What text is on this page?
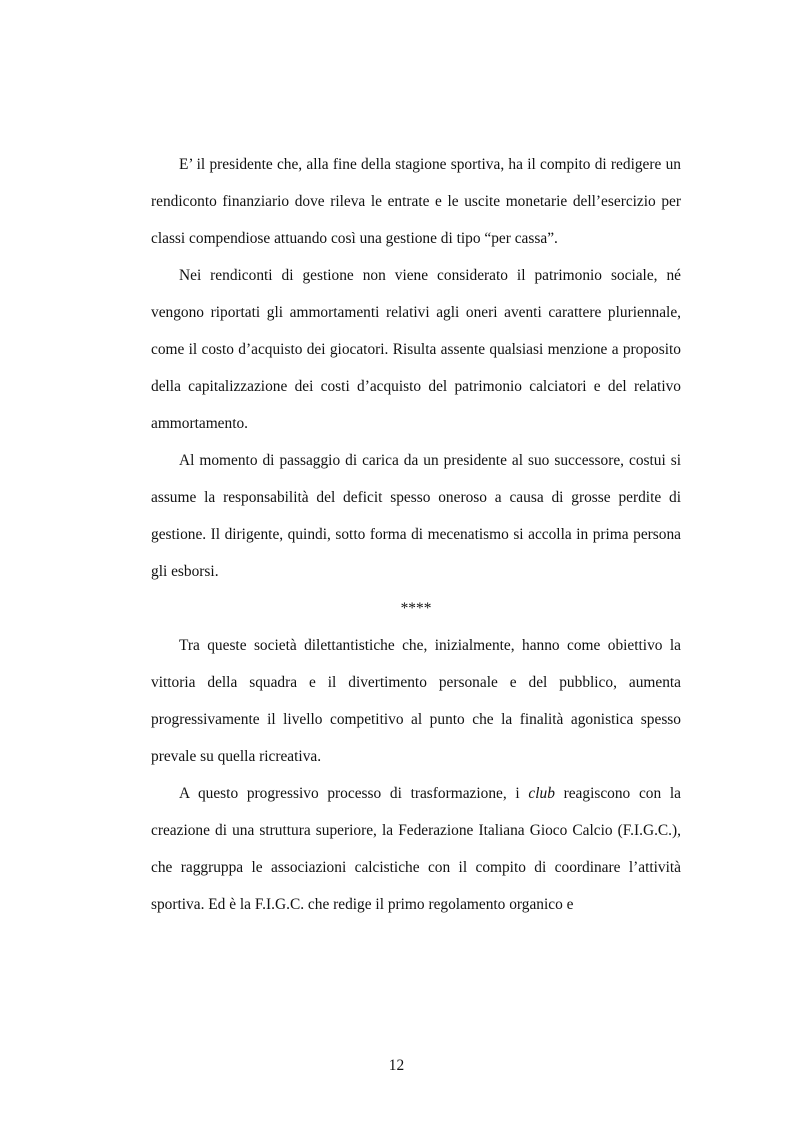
E’ il presidente che, alla fine della stagione sportiva, ha il compito di redigere un rendiconto finanziario dove rileva le entrate e le uscite monetarie dell’esercizio per classi compendiose attuando così una gestione di tipo “per cassa”.

Nei rendiconti di gestione non viene considerato il patrimonio sociale, né vengono riportati gli ammortamenti relativi agli oneri aventi carattere pluriennale, come il costo d’acquisto dei giocatori. Risulta assente qualsiasi menzione a proposito della capitalizzazione dei costi d’acquisto del patrimonio calciatori e del relativo ammortamento.

Al momento di passaggio di carica da un presidente al suo successore, costui si assume la responsabilità del deficit spesso oneroso a causa di grosse perdite di gestione. Il dirigente, quindi, sotto forma di mecenatismo si accolla in prima persona gli esborsi.

****

Tra queste società dilettantistiche che, inizialmente, hanno come obiettivo la vittoria della squadra e il divertimento personale e del pubblico, aumenta progressivamente il livello competitivo al punto che la finalità agonistica spesso prevale su quella ricreativa.

A questo progressivo processo di trasformazione, i club reagiscono con la creazione di una struttura superiore, la Federazione Italiana Gioco Calcio (F.I.G.C.), che raggruppa le associazioni calcistiche con il compito di coordinare l’attività sportiva. Ed è la F.I.G.C. che redige il primo regolamento organico e

12
